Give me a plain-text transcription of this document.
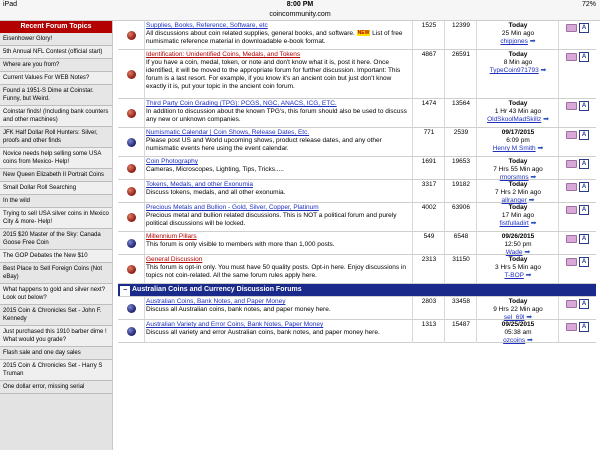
iPad	8:00 PM	72%
coincommunity.com
Recent Forum Topics
Eisenhower Glory!
5th Annual NFL Contest (official start)
Where are you from?
Current Values For WEB Notes?
Found a 1951-S Dime at Coinstar. Funny, but Weird.
Coinstar finds! (Including bank counters and other machines)
JFK Half Dollar Roll Hunters: Silver, proofs and other finds
Novice needs help selling some USA coins from Mexico- Help!
New Queen Elizabeth II Portrait Coins
Small Dollar Roll Searching
In the wild
Trying to sell USA silver coins in Mexico City & more- Help!
2015 $20 Master of the Sky: Canada Goose Free Coin
The GOP Debates the New $10
Best Place to Sell Foreign Coins (Not eBay)
What happens to gold and silver next? Look out below?
2015 Coin & Chronicles Set - John F. Kennedy
Just purchased this 1910 barber dime ! What would you grade?
Flash sale and one day sales
2015 Coin & Chronicles Set - Harry S Truman
One dollar error, missing serial
Supplies, Books, Reference, Software, etc
All discussions about coin related supplies, general books, and software. NEW List of free numismatic reference material in downloadable e-book format.
1525	12399	Today
25 Min ago
chipjones ➡
A
Identification: Unidentified Coins, Medals, and Tokens
If you have a coin, medal, token, or note and don't know what it is, post it here. Once identified, it will be moved to the appropriate forum for further discussion. Important: This forum is a last resort. For example, if you know it's an ancient coin but just don't know exactly it is, put your topic in the ancient coin forum.
4867	26591	Today
8 Min ago
TypeCoin971793 ➡
A
Third Party Coin Grading (TPG): PCGS, NGC, ANACS, ICG, ETC.
In addition to discussion about the known TPG's, this forum should also be used to discuss any new or unknown companies.
1474	13564	Today
1 Hr 43 Min ago
OldSkoolMadSkillz ➡
A
Numismatic Calendar | Coin Shows, Release Dates, Etc.
Please post US and World upcoming shows, product release dates, and any other numismatic events here using the event calendar.
771	2539	09/17/2015
6:09 pm
Henry M Smith ➡
A
Coin Photography
Cameras, Microscopes, Lighting, Tips, Tricks.....
1691	19653	Today
7 Hrs 55 Min ago
rmorsmns ➡
A
Tokens, Medals, and other Exonumia
Discuss tokens, medals, and all other exonumia.
3317	19182	Today
7 Hrs 2 Min ago
allranger ➡
A
Precious Metals and Bullion - Gold, Silver, Copper, Platinum
Precious metal and bullion related discussions. This is NOT a political forum and purely political discussions will be locked.
4002	63906	Today
17 Min ago
fistfulladirt ➡
A
Millennium Pillars
This forum is only visible to members with more than 1,000 posts.
549	6548	09/26/2015
12:50 pm
Wade ➡
A
General Discussion
This forum is opt-in only. You must have 50 quality posts. Opt-in here. Enjoy discussions in topics not coin-related. All the same forum rules apply here.
2313	31150	Today
3 Hrs 5 Min ago
T-BOP ➡
A
− Australian Coins and Currency Discussion Forums
Australian Coins, Bank Notes, and Paper Money
Discuss all Australian coins, bank notes, and paper money here.
2803	33458	Today
9 Hrs 22 Min ago
sel_69l ➡
A
Australian Variety and Error Coins, Bank Notes, Paper Money
Discuss all variety and error Australian coins, bank notes, and paper money here.
1313	15487	09/25/2015
05:38 am
ozcoins ➡
A
